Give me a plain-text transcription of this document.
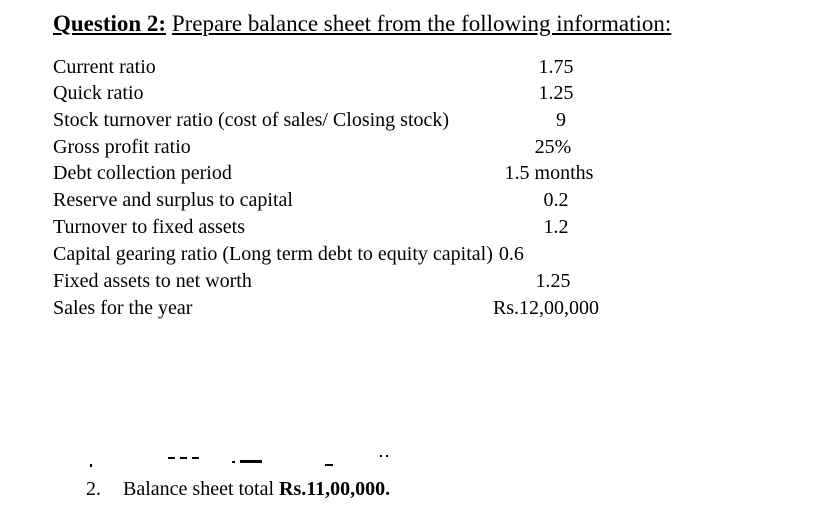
Question 2: Prepare balance sheet from the following information:
Current ratio	1.75
Quick ratio	1.25
Stock turnover ratio (cost of sales/ Closing stock)	9
Gross profit ratio	25%
Debt collection period	1.5 months
Reserve and surplus to capital	0.2
Turnover to fixed assets	1.2
Capital gearing ratio (Long term debt to equity capital) 0.6
Fixed assets to net worth	1.25
Sales for the year	Rs.12,00,000
2. Balance sheet total Rs.11,00,000.
